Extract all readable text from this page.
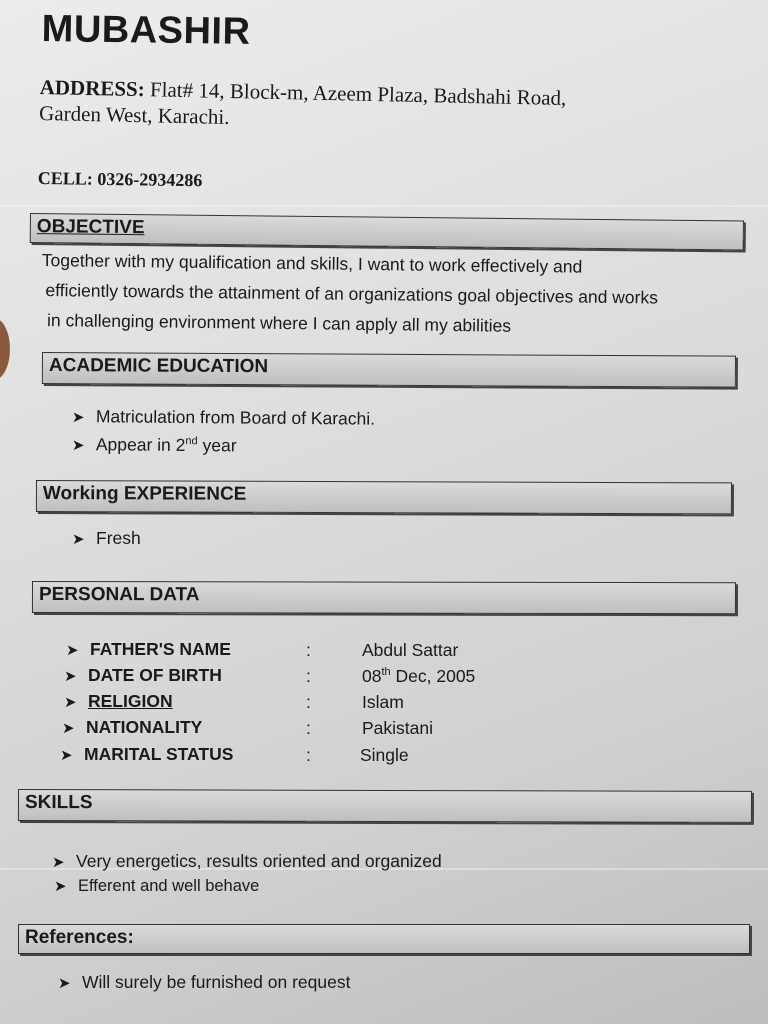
MUBASHIR
ADDRESS: Flat# 14, Block-m, Azeem Plaza, Badshahi Road,
Garden West, Karachi.
CELL: 0326-2934286
OBJECTIVE
Together with my qualification and skills, I want to work effectively and
efficiently towards the attainment of an organizations goal objectives and works
in challenging environment where I can apply all my abilities
ACADEMIC EDUCATION
➤ Matriculation from Board of Karachi.
➤ Appear in 2nd year
Working EXPERIENCE
➤ Fresh
PERSONAL DATA
➤ FATHER'S NAME	:	Abdul Sattar
➤ DATE OF BIRTH	:	08th Dec, 2005
➤ RELIGION	:	Islam
➤ NATIONALITY	:	Pakistani
➤ MARITAL STATUS	:	Single
SKILLS
➤ Very energetics, results oriented and organized
➤ Efferent and well behave
References:
➤ Will surely be furnished on request
